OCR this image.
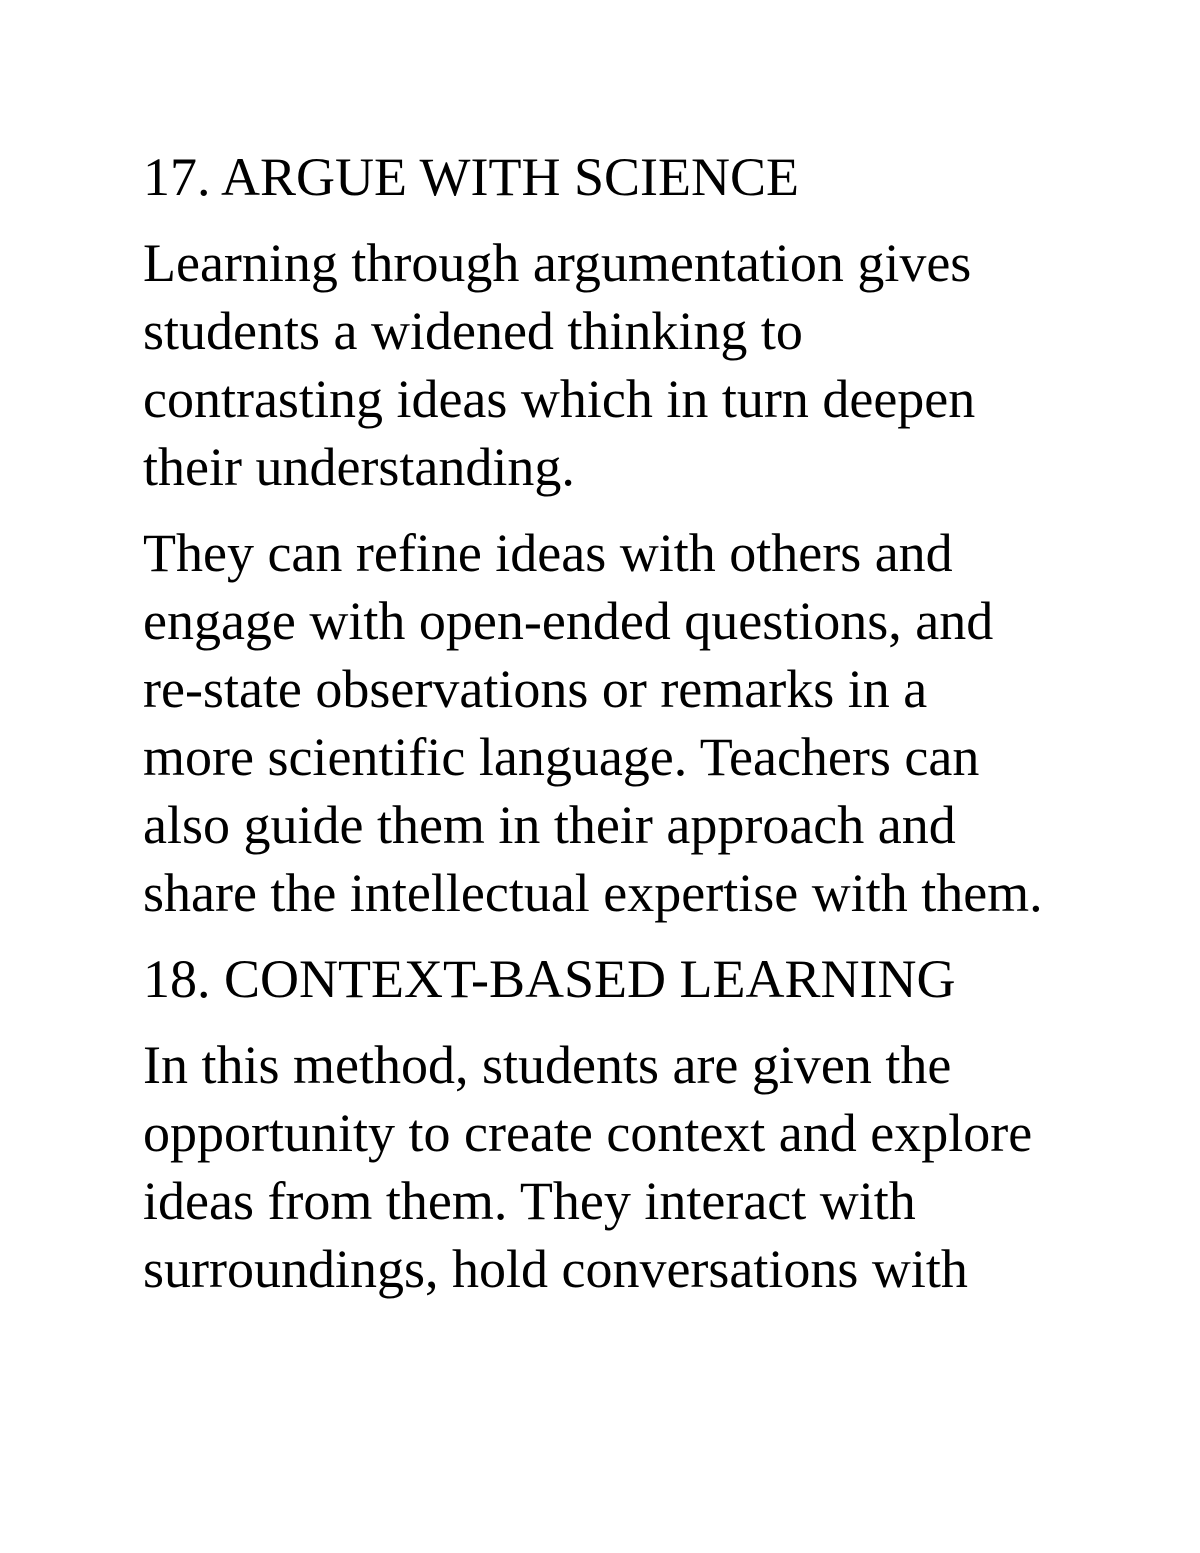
17. ARGUE WITH SCIENCE
Learning through argumentation gives
students a widened thinking to
contrasting ideas which in turn deepen
their understanding.
They can refine ideas with others and
engage with open-ended questions, and
re-state observations or remarks in a
more scientific language. Teachers can
also guide them in their approach and
share the intellectual expertise with them.
18. CONTEXT-BASED LEARNING
In this method, students are given the
opportunity to create context and explore
ideas from them. They interact with
surroundings, hold conversations with
